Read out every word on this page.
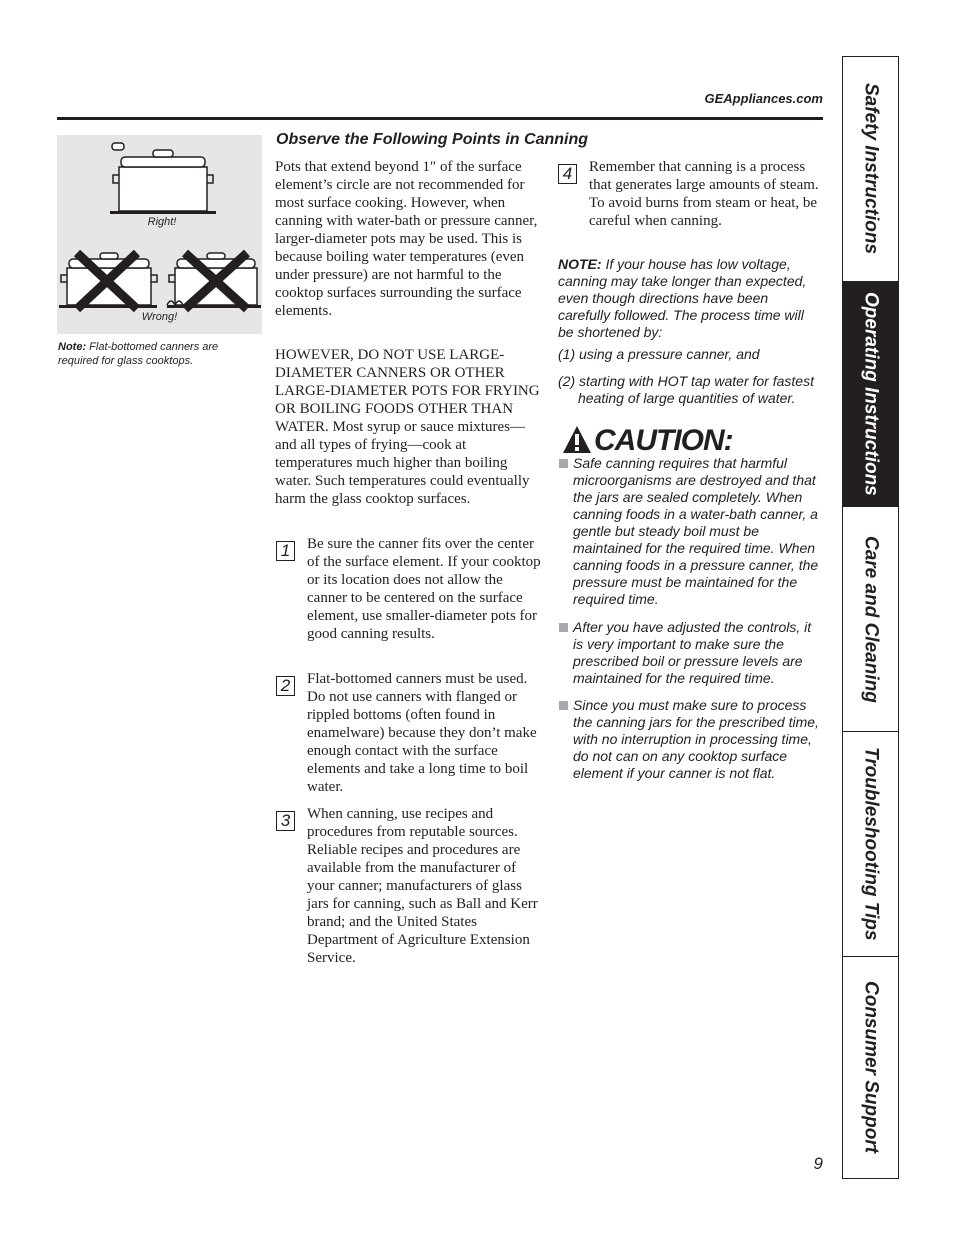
GEAppliances.com
Right!
Wrong!
Note: Flat-bottomed canners are required for glass cooktops.
Observe the Following Points in Canning

Pots that extend beyond 1″ of the surface element’s circle are not recommended for most surface cooking. However, when canning with water-bath or pressure canner, larger-diameter pots may be used. This is because boiling water temperatures (even under pressure) are not harmful to the cooktop surfaces surrounding the surface elements.

HOWEVER, DO NOT USE LARGE-DIAMETER CANNERS OR OTHER LARGE-DIAMETER POTS FOR FRYING OR BOILING FOODS OTHER THAN WATER. Most syrup or sauce mixtures—and all types of frying—cook at temperatures much higher than boiling water. Such temperatures could eventually harm the glass cooktop surfaces.

1	Be sure the canner fits over the center of the surface element. If your cooktop or its location does not allow the canner to be centered on the surface element, use smaller-diameter pots for good canning results.

2	Flat-bottomed canners must be used. Do not use canners with flanged or rippled bottoms (often found in enamelware) because they don’t make enough contact with the surface elements and take a long time to boil water.

3	When canning, use recipes and procedures from reputable sources. Reliable recipes and procedures are available from the manufacturer of your canner; manufacturers of glass jars for canning, such as Ball and Kerr brand; and the United States Department of Agriculture Extension Service.

4	Remember that canning is a process that generates large amounts of steam. To avoid burns from steam or heat, be careful when canning.

NOTE: If your house has low voltage, canning may take longer than expected, even though directions have been carefully followed. The process time will be shortened by:

(1) using a pressure canner, and

(2) starting with HOT tap water for fastest heating of large quantities of water.

CAUTION:

Safe canning requires that harmful microorganisms are destroyed and that the jars are sealed completely. When canning foods in a water-bath canner, a gentle but steady boil must be maintained for the required time. When canning foods in a pressure canner, the pressure must be maintained for the required time.

After you have adjusted the controls, it is very important to make sure the prescribed boil or pressure levels are maintained for the required time.

Since you must make sure to process the canning jars for the prescribed time, with no interruption in processing time, do not can on any cooktop surface element if your canner is not flat.

9
Safety Instructions
Operating Instructions
Care and Cleaning
Troubleshooting Tips
Consumer Support
